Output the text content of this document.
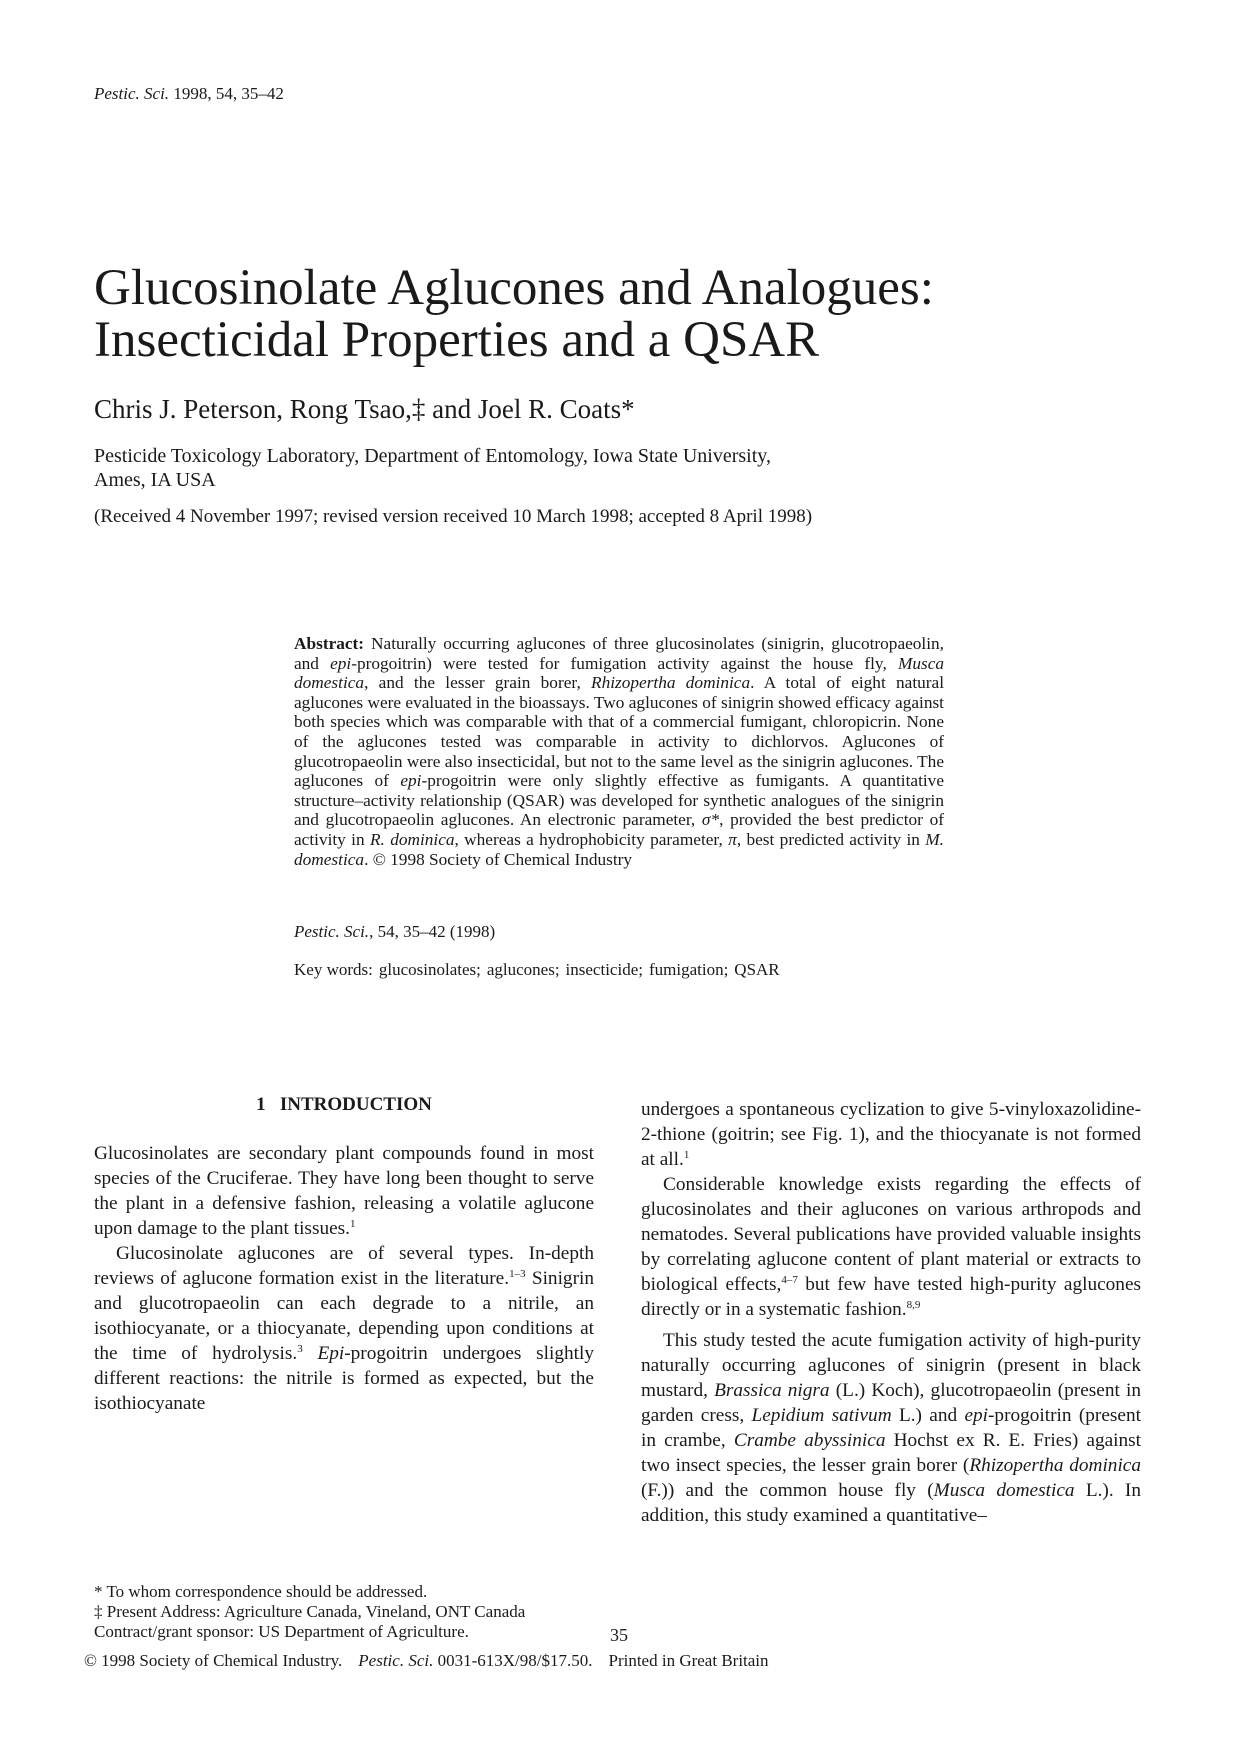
Pestic. Sci. 1998, 54, 35–42
Glucosinolate Aglucones and Analogues:
Insecticidal Properties and a QSAR
Chris J. Peterson, Rong Tsao,‡ and Joel R. Coats*
Pesticide Toxicology Laboratory, Department of Entomology, Iowa State University,
Ames, IA USA
(Received 4 November 1997; revised version received 10 March 1998; accepted 8 April 1998)

Abstract: Naturally occurring aglucones of three glucosinolates (sinigrin, glucotropaeolin, and epi-progoitrin) were tested for fumigation activity against the house fly, Musca domestica, and the lesser grain borer, Rhizopertha dominica. A total of eight natural aglucones were evaluated in the bioassays. Two aglucones of sinigrin showed efficacy against both species which was comparable with that of a commercial fumigant, chloropicrin. None of the aglucones tested was comparable in activity to dichlorvos. Aglucones of glucotropaeolin were also insecticidal, but not to the same level as the sinigrin aglucones. The aglucones of epi-progoitrin were only slightly effective as fumigants. A quantitative structure–activity relationship (QSAR) was developed for synthetic analogues of the sinigrin and glucotropaeolin aglucones. An electronic parameter, σ*, provided the best predictor of activity in R. dominica, whereas a hydrophobicity parameter, π, best predicted activity in M. domestica. © 1998 Society of Chemical Industry

Pestic. Sci., 54, 35–42 (1998)
Key words: glucosinolates; aglucones; insecticide; fumigation; QSAR
1 INTRODUCTION

Glucosinolates are secondary plant compounds found in most species of the Cruciferae. They have long been thought to serve the plant in a defensive fashion, releasing a volatile aglucone upon damage to the plant tissues.$^1$

Glucosinolate aglucones are of several types. In-depth reviews of aglucone formation exist in the literature.$^{1-3}$ Sinigrin and glucotropaeolin can each degrade to a nitrile, an isothiocyanate, or a thiocyanate, depending upon conditions at the time of hydrolysis.$^3$ Epi-progoitrin undergoes slightly different reactions: the nitrile is formed as expected, but the isothiocyanate

undergoes a spontaneous cyclization to give 5-vinyloxazolidine-2-thione (goitrin; see Fig. 1), and the thiocyanate is not formed at all.$^1$

Considerable knowledge exists regarding the effects of glucosinolates and their aglucones on various arthropods and nematodes. Several publications have provided valuable insights by correlating aglucone content of plant material or extracts to biological effects,$^{4-7}$ but few have tested high-purity aglucones directly or in a systematic fashion.$^{8,9}$

This study tested the acute fumigation activity of high-purity naturally occurring aglucones of sinigrin (present in black mustard, Brassica nigra (L.) Koch), glucotropaeolin (present in garden cress, Lepidium sativum L.) and epi-progoitrin (present in crambe, Crambe abyssinica Hochst ex R. E. Fries) against two insect species, the lesser grain borer (Rhizopertha dominica (F.)) and the common house fly (Musca domestica L.). In addition, this study examined a quantitative–

* To whom correspondence should be addressed.
‡ Present Address: Agriculture Canada, Vineland, ONT Canada
Contract/grant sponsor: US Department of Agriculture.	35
© 1998 Society of Chemical Industry. Pestic. Sci. 0031-613X/98/$17.50. Printed in Great Britain
